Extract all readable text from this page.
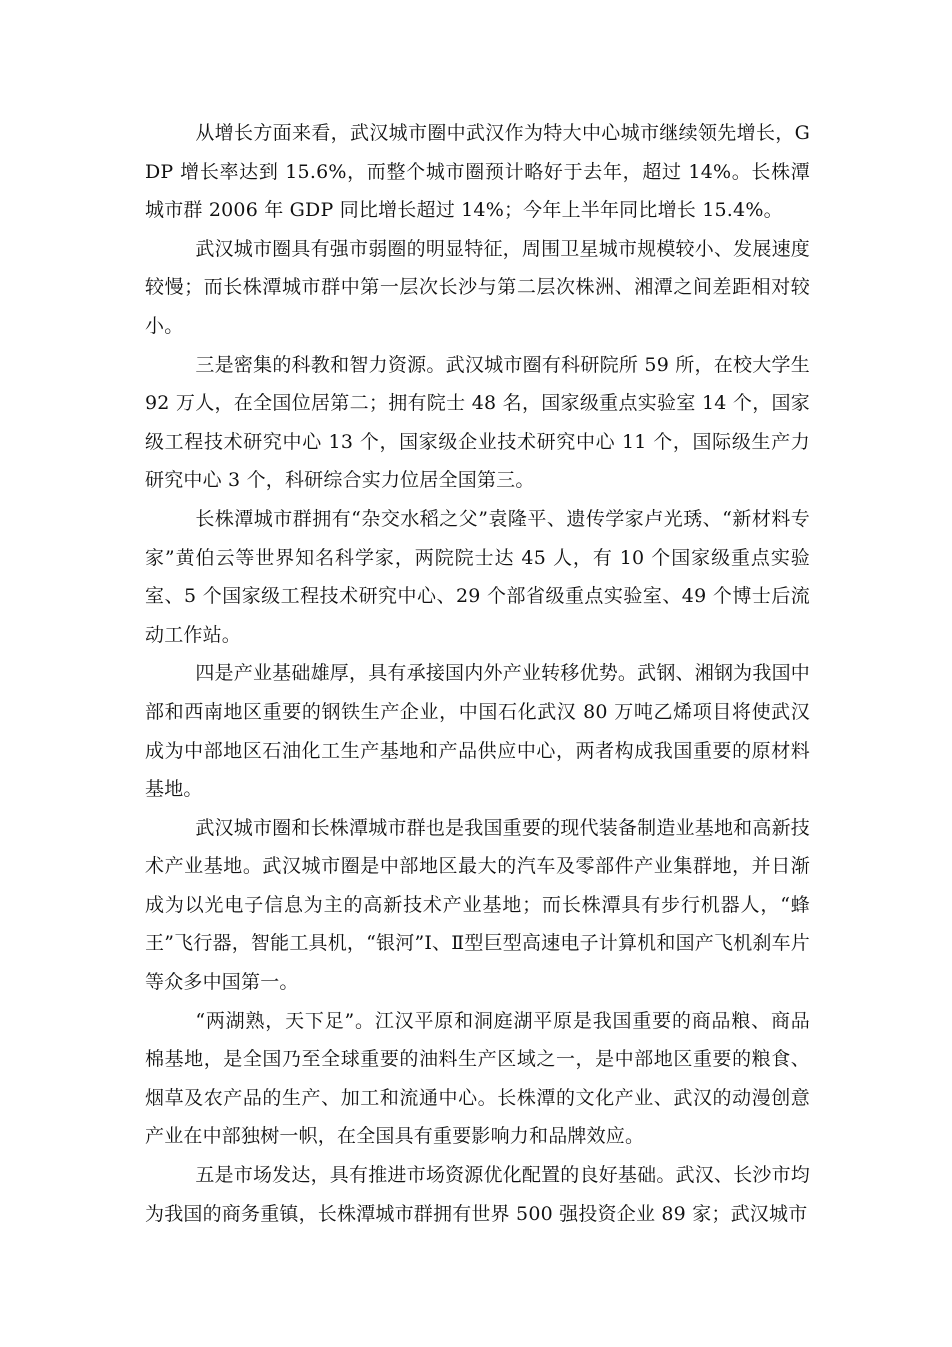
从增长方面来看，武汉城市圈中武汉作为特大中心城市继续领先增长，GDP 增长率达到 15.6%，而整个城市圈预计略好于去年，超过 14%。长株潭城市群 2006 年 GDP 同比增长超过 14%；今年上半年同比增长 15.4%。

武汉城市圈具有强市弱圈的明显特征，周围卫星城市规模较小、发展速度较慢；而长株潭城市群中第一层次长沙与第二层次株洲、湘潭之间差距相对较小。

三是密集的科教和智力资源。武汉城市圈有科研院所 59 所，在校大学生 92 万人，在全国位居第二；拥有院士 48 名，国家级重点实验室 14 个，国家级工程技术研究中心 13 个，国家级企业技术研究中心 11 个，国际级生产力研究中心 3 个，科研综合实力位居全国第三。

长株潭城市群拥有“杂交水稻之父”袁隆平、遗传学家卢光琇、“新材料专家”黄伯云等世界知名科学家，两院院士达 45 人，有 10 个国家级重点实验室、5 个国家级工程技术研究中心、29 个部省级重点实验室、49 个博士后流动工作站。

四是产业基础雄厚，具有承接国内外产业转移优势。武钢、湘钢为我国中部和西南地区重要的钢铁生产企业，中国石化武汉 80 万吨乙烯项目将使武汉成为中部地区石油化工生产基地和产品供应中心，两者构成我国重要的原材料基地。

武汉城市圈和长株潭城市群也是我国重要的现代装备制造业基地和高新技术产业基地。武汉城市圈是中部地区最大的汽车及零部件产业集群地，并日渐成为以光电子信息为主的高新技术产业基地；而长株潭具有步行机器人，“蜂王”飞行器，智能工具机，“银河”Ⅰ、Ⅱ型巨型高速电子计算机和国产飞机刹车片等众多中国第一。

“两湖熟，天下足”。江汉平原和洞庭湖平原是我国重要的商品粮、商品棉基地，是全国乃至全球重要的油料生产区域之一，是中部地区重要的粮食、烟草及农产品的生产、加工和流通中心。长株潭的文化产业、武汉的动漫创意产业在中部独树一帜，在全国具有重要影响力和品牌效应。

五是市场发达，具有推进市场资源优化配置的良好基础。武汉、长沙市均为我国的商务重镇，长株潭城市群拥有世界 500 强投资企业 89 家；武汉城市
